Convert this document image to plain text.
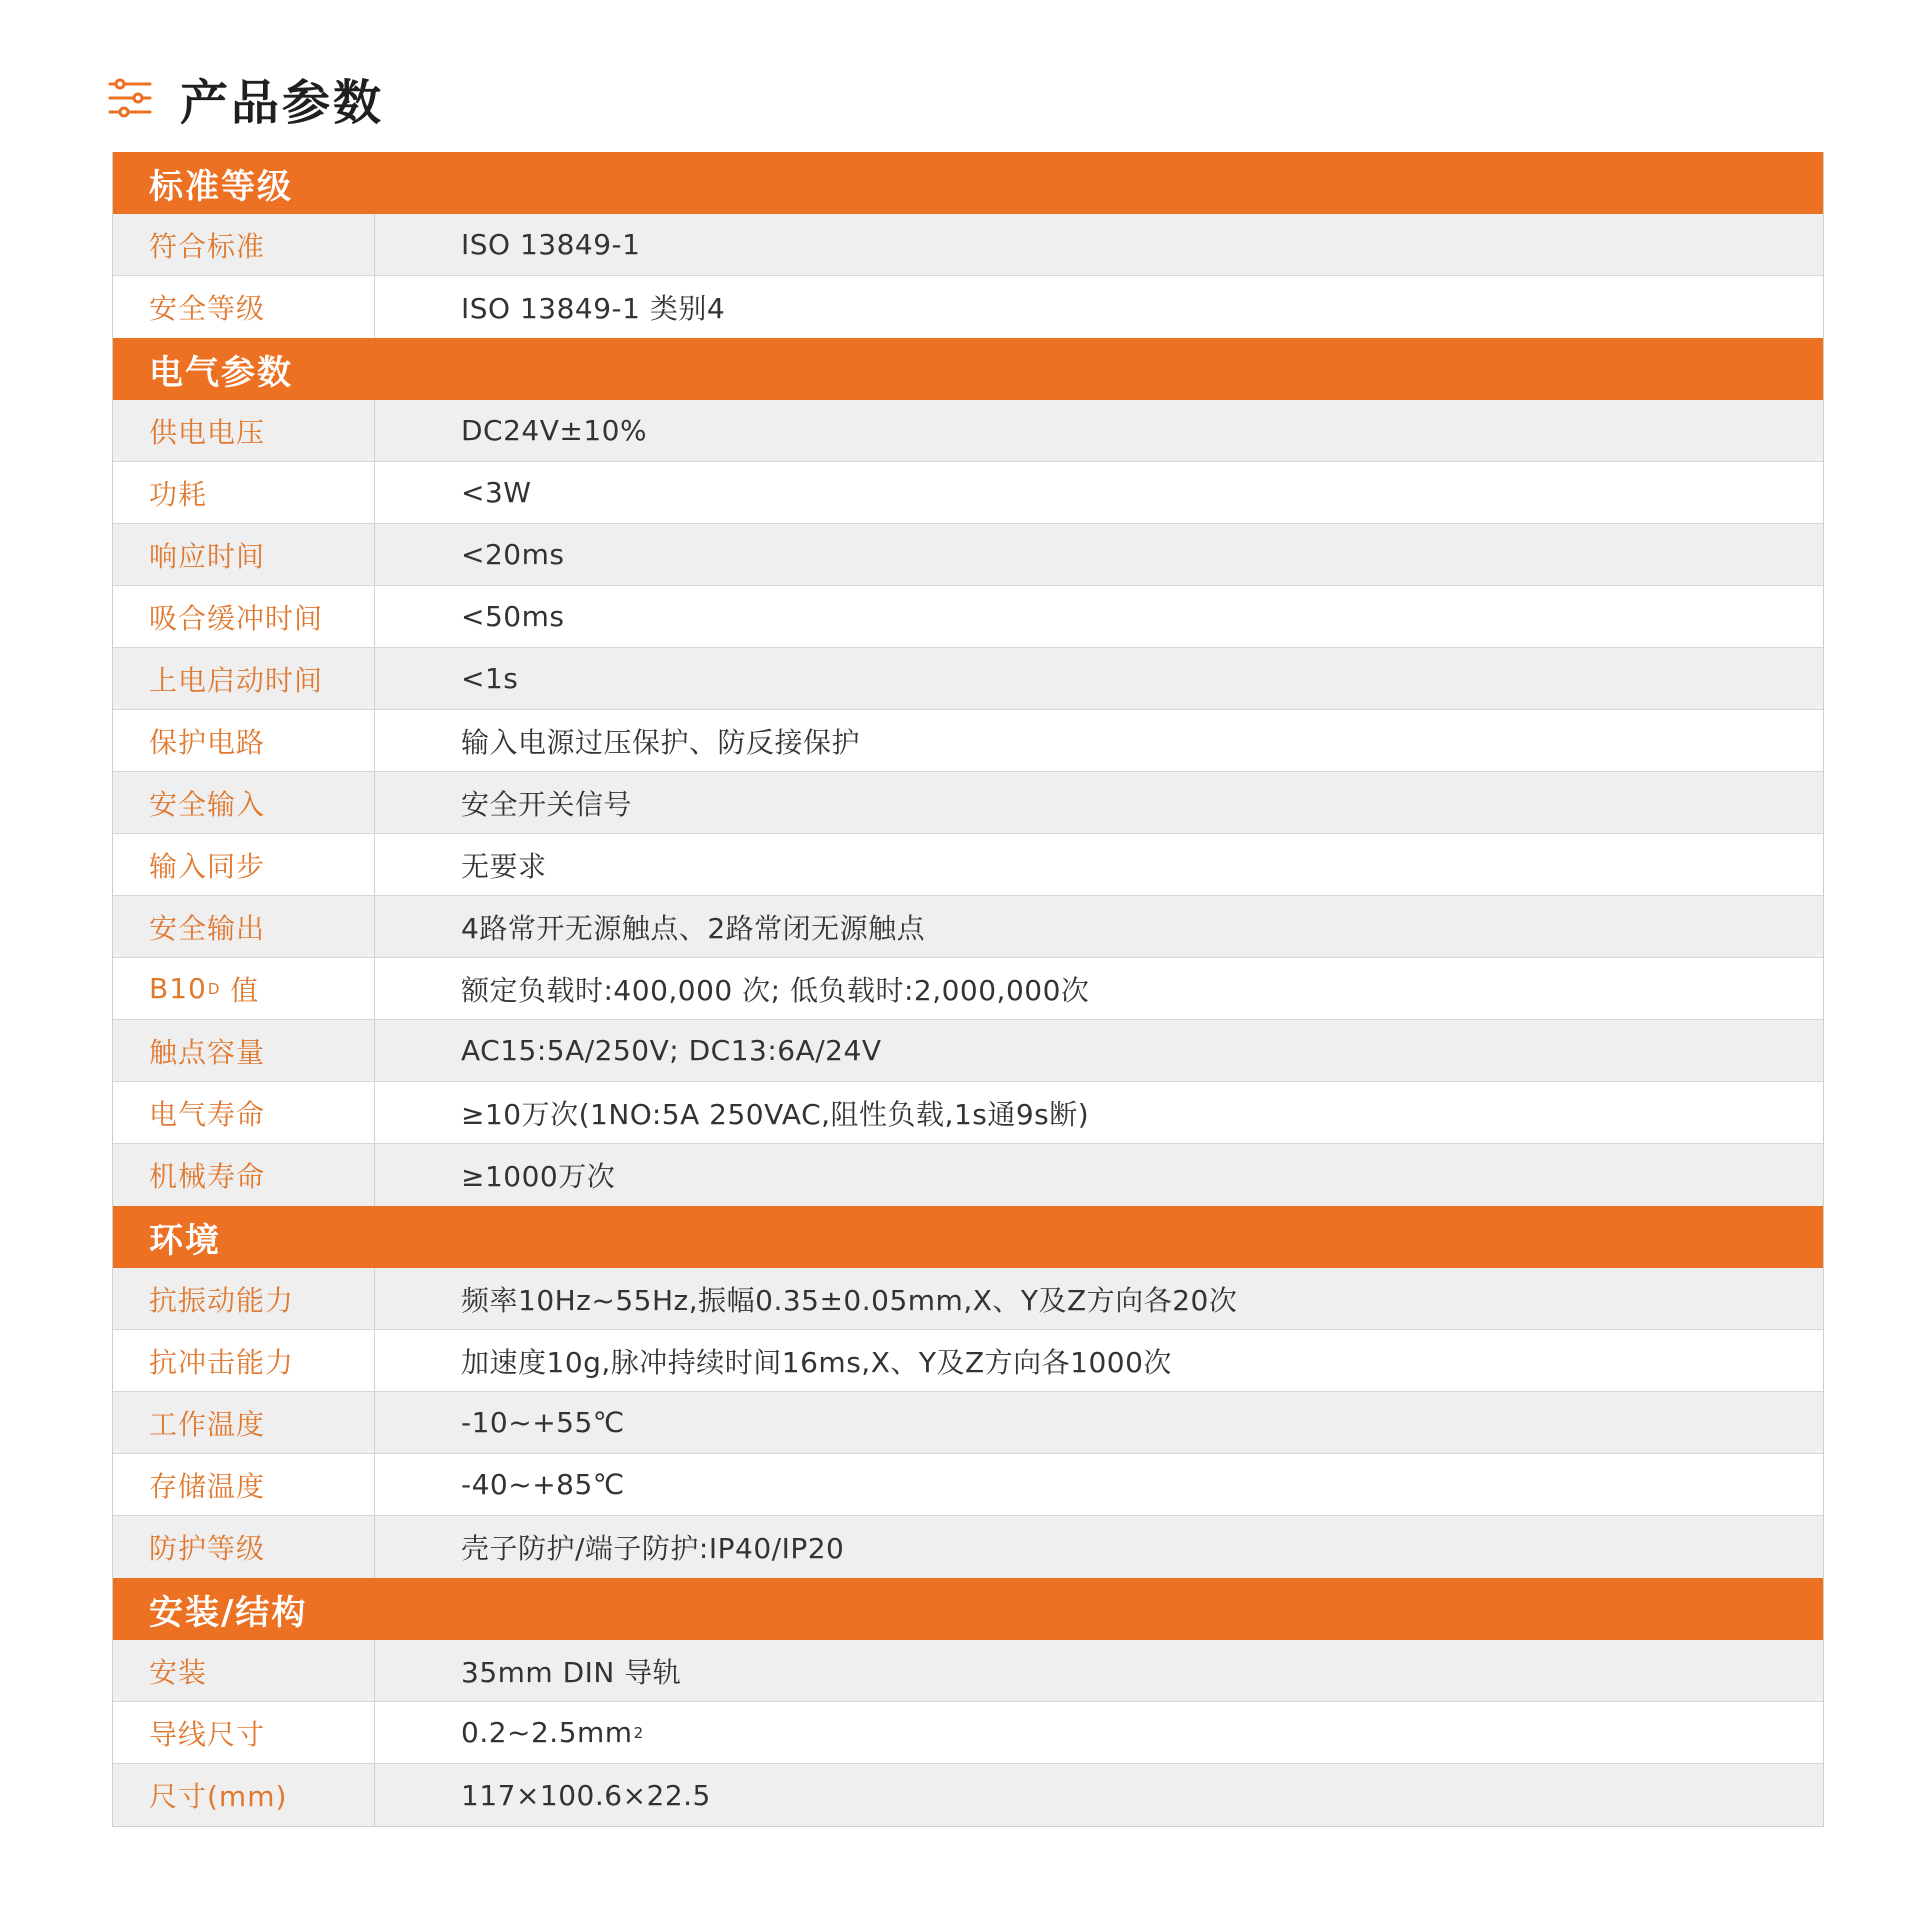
产品参数
标准等级
符合标准	ISO 13849-1
安全等级	ISO 13849-1 类别4
电气参数
供电电压	DC24V±10%
功耗	<3W
响应时间	<20ms
吸合缓冲时间	<50ms
上电启动时间	<1s
保护电路	输入电源过压保护、防反接保护
安全输入	安全开关信号
输入同步	无要求
安全输出	4路常开无源触点、2路常闭无源触点
B10 D 值	额定负载时:400,000 次; 低负载时:2,000,000次
触点容量	AC15:5A/250V; DC13:6A/24V
电气寿命	≥10万次(1NO:5A 250VAC,阻性负载,1s通9s断)
机械寿命	≥1000万次
环境
抗振动能力	频率10Hz~55Hz,振幅0.35±0.05mm,X、Y及Z方向各20次
抗冲击能力	加速度10g,脉冲持续时间16ms,X、Y及Z方向各1000次
工作温度	-10~+55℃
存储温度	-40~+85℃
防护等级	壳子防护/端子防护:IP40/IP20
安装/结构
安装	35mm DIN 导轨
导线尺寸	0.2~2.5mm 2
尺寸(mm)	117×100.6×22.5
